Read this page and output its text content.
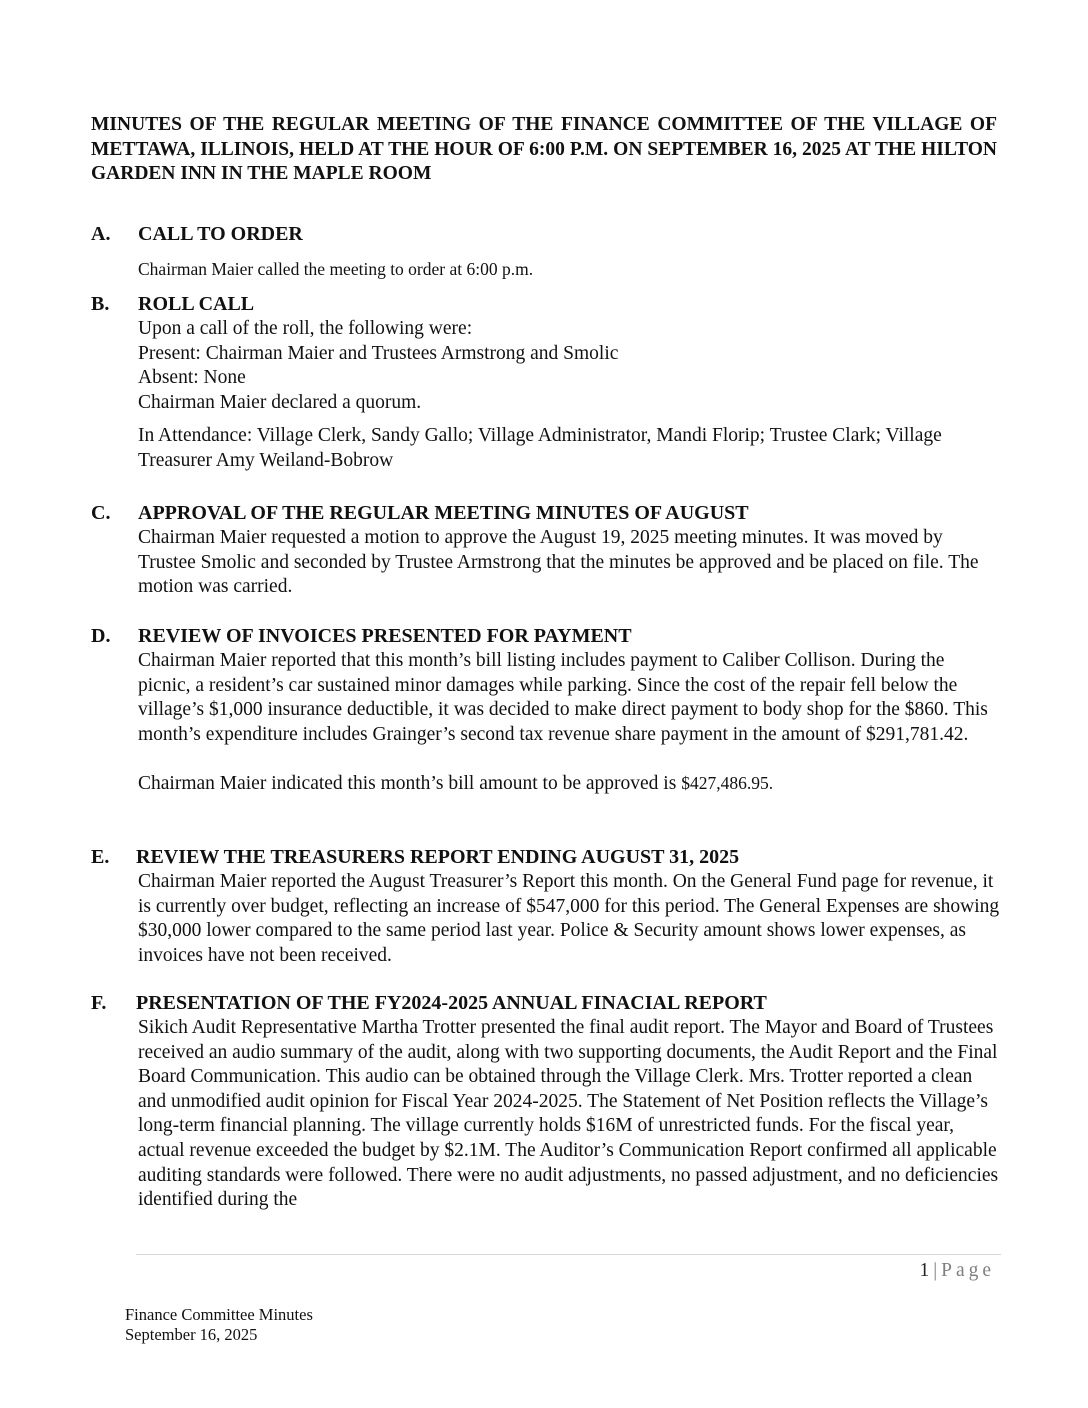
MINUTES OF THE REGULAR MEETING OF THE FINANCE COMMITTEE OF THE VILLAGE OF METTAWA, ILLINOIS, HELD AT THE HOUR OF 6:00 P.M. ON SEPTEMBER 16, 2025 AT THE HILTON GARDEN INN IN THE MAPLE ROOM
A. CALL TO ORDER
Chairman Maier called the meeting to order at 6:00 p.m.
B. ROLL CALL

Upon a call of the roll, the following were:

Present: Chairman Maier and Trustees Armstrong and Smolic

Absent: None

Chairman Maier declared a quorum.

In Attendance: Village Clerk, Sandy Gallo; Village Administrator, Mandi Florip; Trustee Clark; Village Treasurer Amy Weiland-Bobrow
C. APPROVAL OF THE REGULAR MEETING MINUTES OF AUGUST
Chairman Maier requested a motion to approve the August 19, 2025 meeting minutes. It was moved by Trustee Smolic and seconded by Trustee Armstrong that the minutes be approved and be placed on file. The motion was carried.
D. REVIEW OF INVOICES PRESENTED FOR PAYMENT
Chairman Maier reported that this month’s bill listing includes payment to Caliber Collison. During the picnic, a resident’s car sustained minor damages while parking. Since the cost of the repair fell below the village’s $1,000 insurance deductible, it was decided to make direct payment to body shop for the $860. This month’s expenditure includes Grainger’s second tax revenue share payment in the amount of $291,781.42.
Chairman Maier indicated this month’s bill amount to be approved is $427,486.95.
E. REVIEW THE TREASURERS REPORT ENDING AUGUST 31, 2025
Chairman Maier reported the August Treasurer’s Report this month. On the General Fund page for revenue, it is currently over budget, reflecting an increase of $547,000 for this period. The General Expenses are showing $30,000 lower compared to the same period last year. Police & Security amount shows lower expenses, as invoices have not been received.
F. PRESENTATION OF THE FY2024-2025 ANNUAL FINACIAL REPORT
Sikich Audit Representative Martha Trotter presented the final audit report. The Mayor and Board of Trustees received an audio summary of the audit, along with two supporting documents, the Audit Report and the Final Board Communication. This audio can be obtained through the Village Clerk. Mrs. Trotter reported a clean and unmodified audit opinion for Fiscal Year 2024-2025. The Statement of Net Position reflects the Village’s long-term financial planning. The village currently holds $16M of unrestricted funds. For the fiscal year, actual revenue exceeded the budget by $2.1M. The Auditor’s Communication Report confirmed all applicable auditing standards were followed. There were no audit adjustments, no passed adjustment, and no deficiencies identified during the
1 | Page
Finance Committee Minutes
September 16, 2025
